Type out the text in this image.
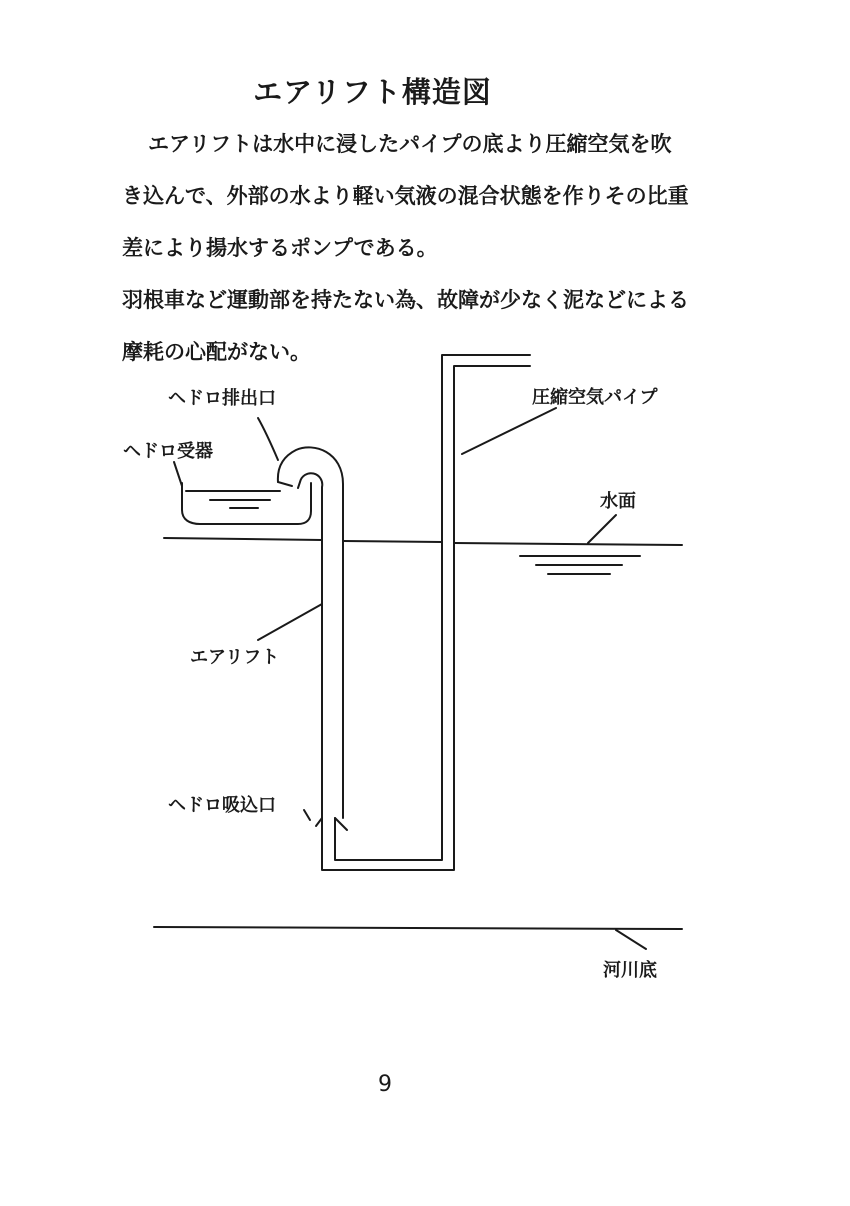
エアリフト構造図
エアリフトは水中に浸したパイプの底より圧縮空気を吹
き込んで、外部の水より軽い気液の混合状態を作りその比重
差により揚水するポンプである。
羽根車など運動部を持たない為、故障が少なく泥などによる
摩耗の心配がない。
ヘドロ排出口
ヘドロ受器
圧縮空気パイプ
水面
エアリフト
ヘドロ吸込口
河川底
9
